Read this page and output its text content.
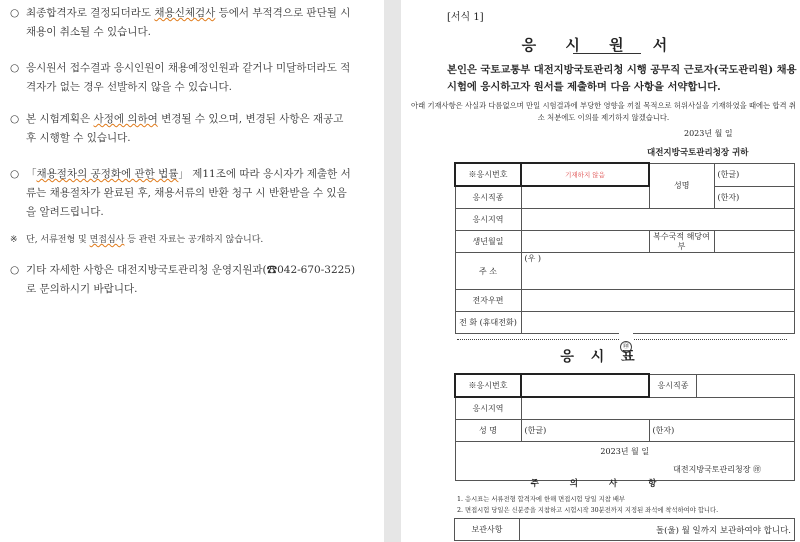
○ 최종합격자로 결정되더라도 채용신체검사 등에서 부적격으로 판단될 시 채용이 취소될 수 있습니다.
○ 응시원서 접수결과 응시인원이 채용예정인원과 같거나 미달하더라도 적격자가 없는 경우 선발하지 않을 수 있습니다.
○ 본 시험계획은 사정에 의하여 변경될 수 있으며, 변경된 사항은 재공고 후 시행할 수 있습니다.
○ 「채용절차의 공정화에 관한 법률」 제11조에 따라 응시자가 제출한 서류는 채용절차가 완료된 후, 채용서류의 반환 청구 시 반환받을 수 있음을 알려드립니다.
※ 단, 서류전형 및 면접심사 등 관련 자료는 공개하지 않습니다.
○ 기타 자세한 사항은 대전지방국토관리청 운영지원과(☎042-670-3225)로 문의하시기 바랍니다.
[서식 1]
응 시 원 서
본인은 국토교통부 대전지방국토관리청 시행 공무직 근로자(국도관리원) 채용시험에 응시하고자 원서를 제출하며 다음 사항을 서약합니다.
아래 기재사항은 사실과 다름없으며 만일 시험결과에 부당한 영향을 끼칠 목적으로 허위사실을 기재하였을 때에는 합격 취소 처분에도 이의를 제기하지 않겠습니다.
2023년 월 일
대전지방국토관리청장 귀하
※응시번호	기재하지 않음	성명	(한글)
응시직종			(한자)
응시지역			
생년월일		복수국적 해당여부	
주 소	(우 )		
전자우편			
전 화 (휴대전화)			
㊞
응 시 표
※응시번호		응시직종	
응시지역			
성 명	(한글)	(한자)	

2023년 월 일
대전지방국토관리청장 ㊞			
주 의 사 항
1. 응시표는 서류전형 합격자에 한해 면접시험 당일 지참 배부
2. 면접시험 당일은 신분증을 지참하고 시험시작 30분전까지 지정된 좌석에 착석하여야 합니다.
보관사항	돌(울) 월 일까지 보관하여야 합니다.
